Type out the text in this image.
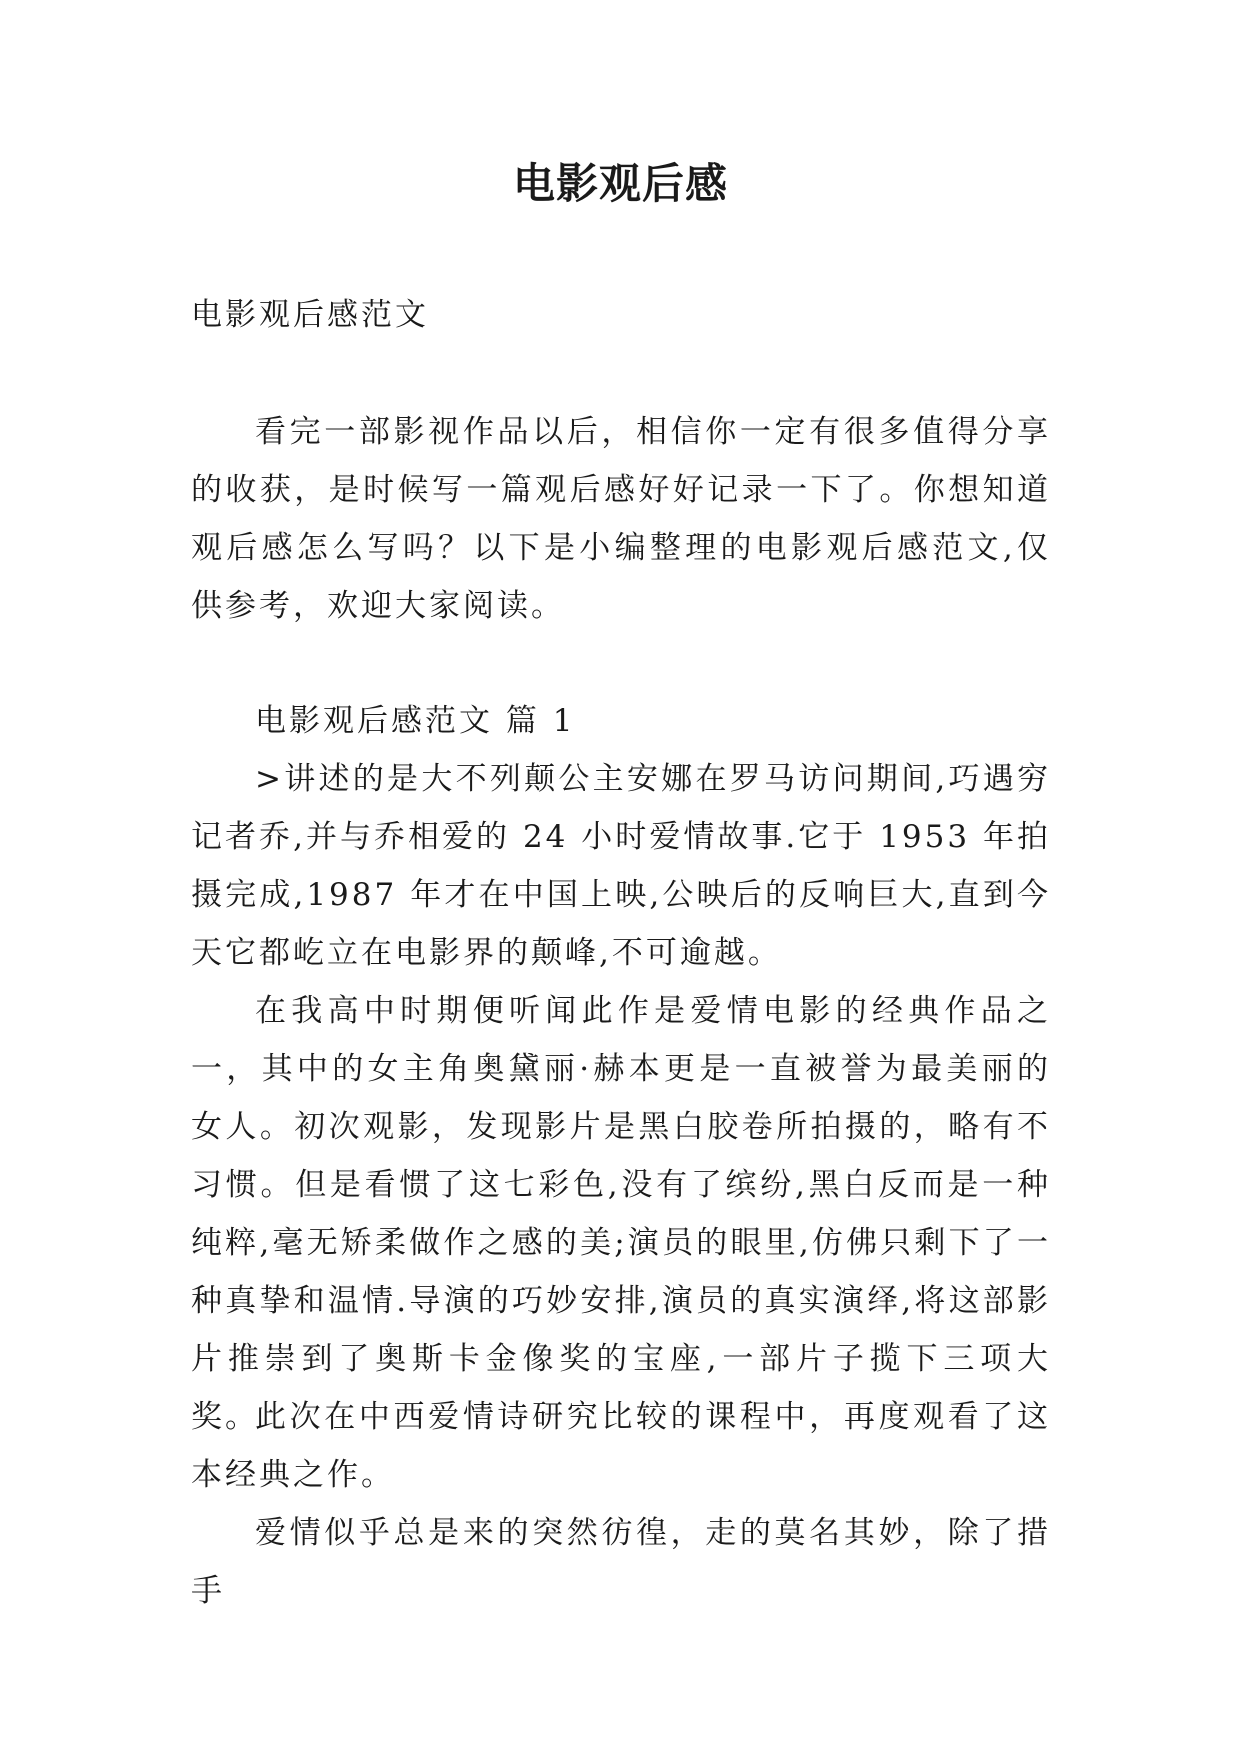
电影观后感

电影观后感范文

看完一部影视作品以后，相信你一定有很多值得分享的收获，是时候写一篇观后感好好记录一下了。你想知道观后感怎么写吗？以下是小编整理的电影观后感范文,仅供参考，欢迎大家阅读。

电影观后感范文 篇 1

>讲述的是大不列颠公主安娜在罗马访问期间,巧遇穷记者乔,并与乔相爱的 24 小时爱情故事.它于 1953 年拍摄完成,1987 年才在中国上映,公映后的反响巨大,直到今天它都屹立在电影界的颠峰,不可逾越。

在我高中时期便听闻此作是爱情电影的经典作品之一，其中的女主角奥黛丽·赫本更是一直被誉为最美丽的女人。初次观影，发现影片是黑白胶卷所拍摄的，略有不习惯。但是看惯了这七彩色,没有了缤纷,黑白反而是一种纯粹,毫无矫柔做作之感的美;演员的眼里,仿佛只剩下了一种真挚和温情.导演的巧妙安排,演员的真实演绎,将这部影片推崇到了奥斯卡金像奖的宝座,一部片子揽下三项大奖。

此次在中西爱情诗研究比较的课程中，再度观看了这本经典之作。

爱情似乎总是来的突然彷徨，走的莫名其妙，除了措手
